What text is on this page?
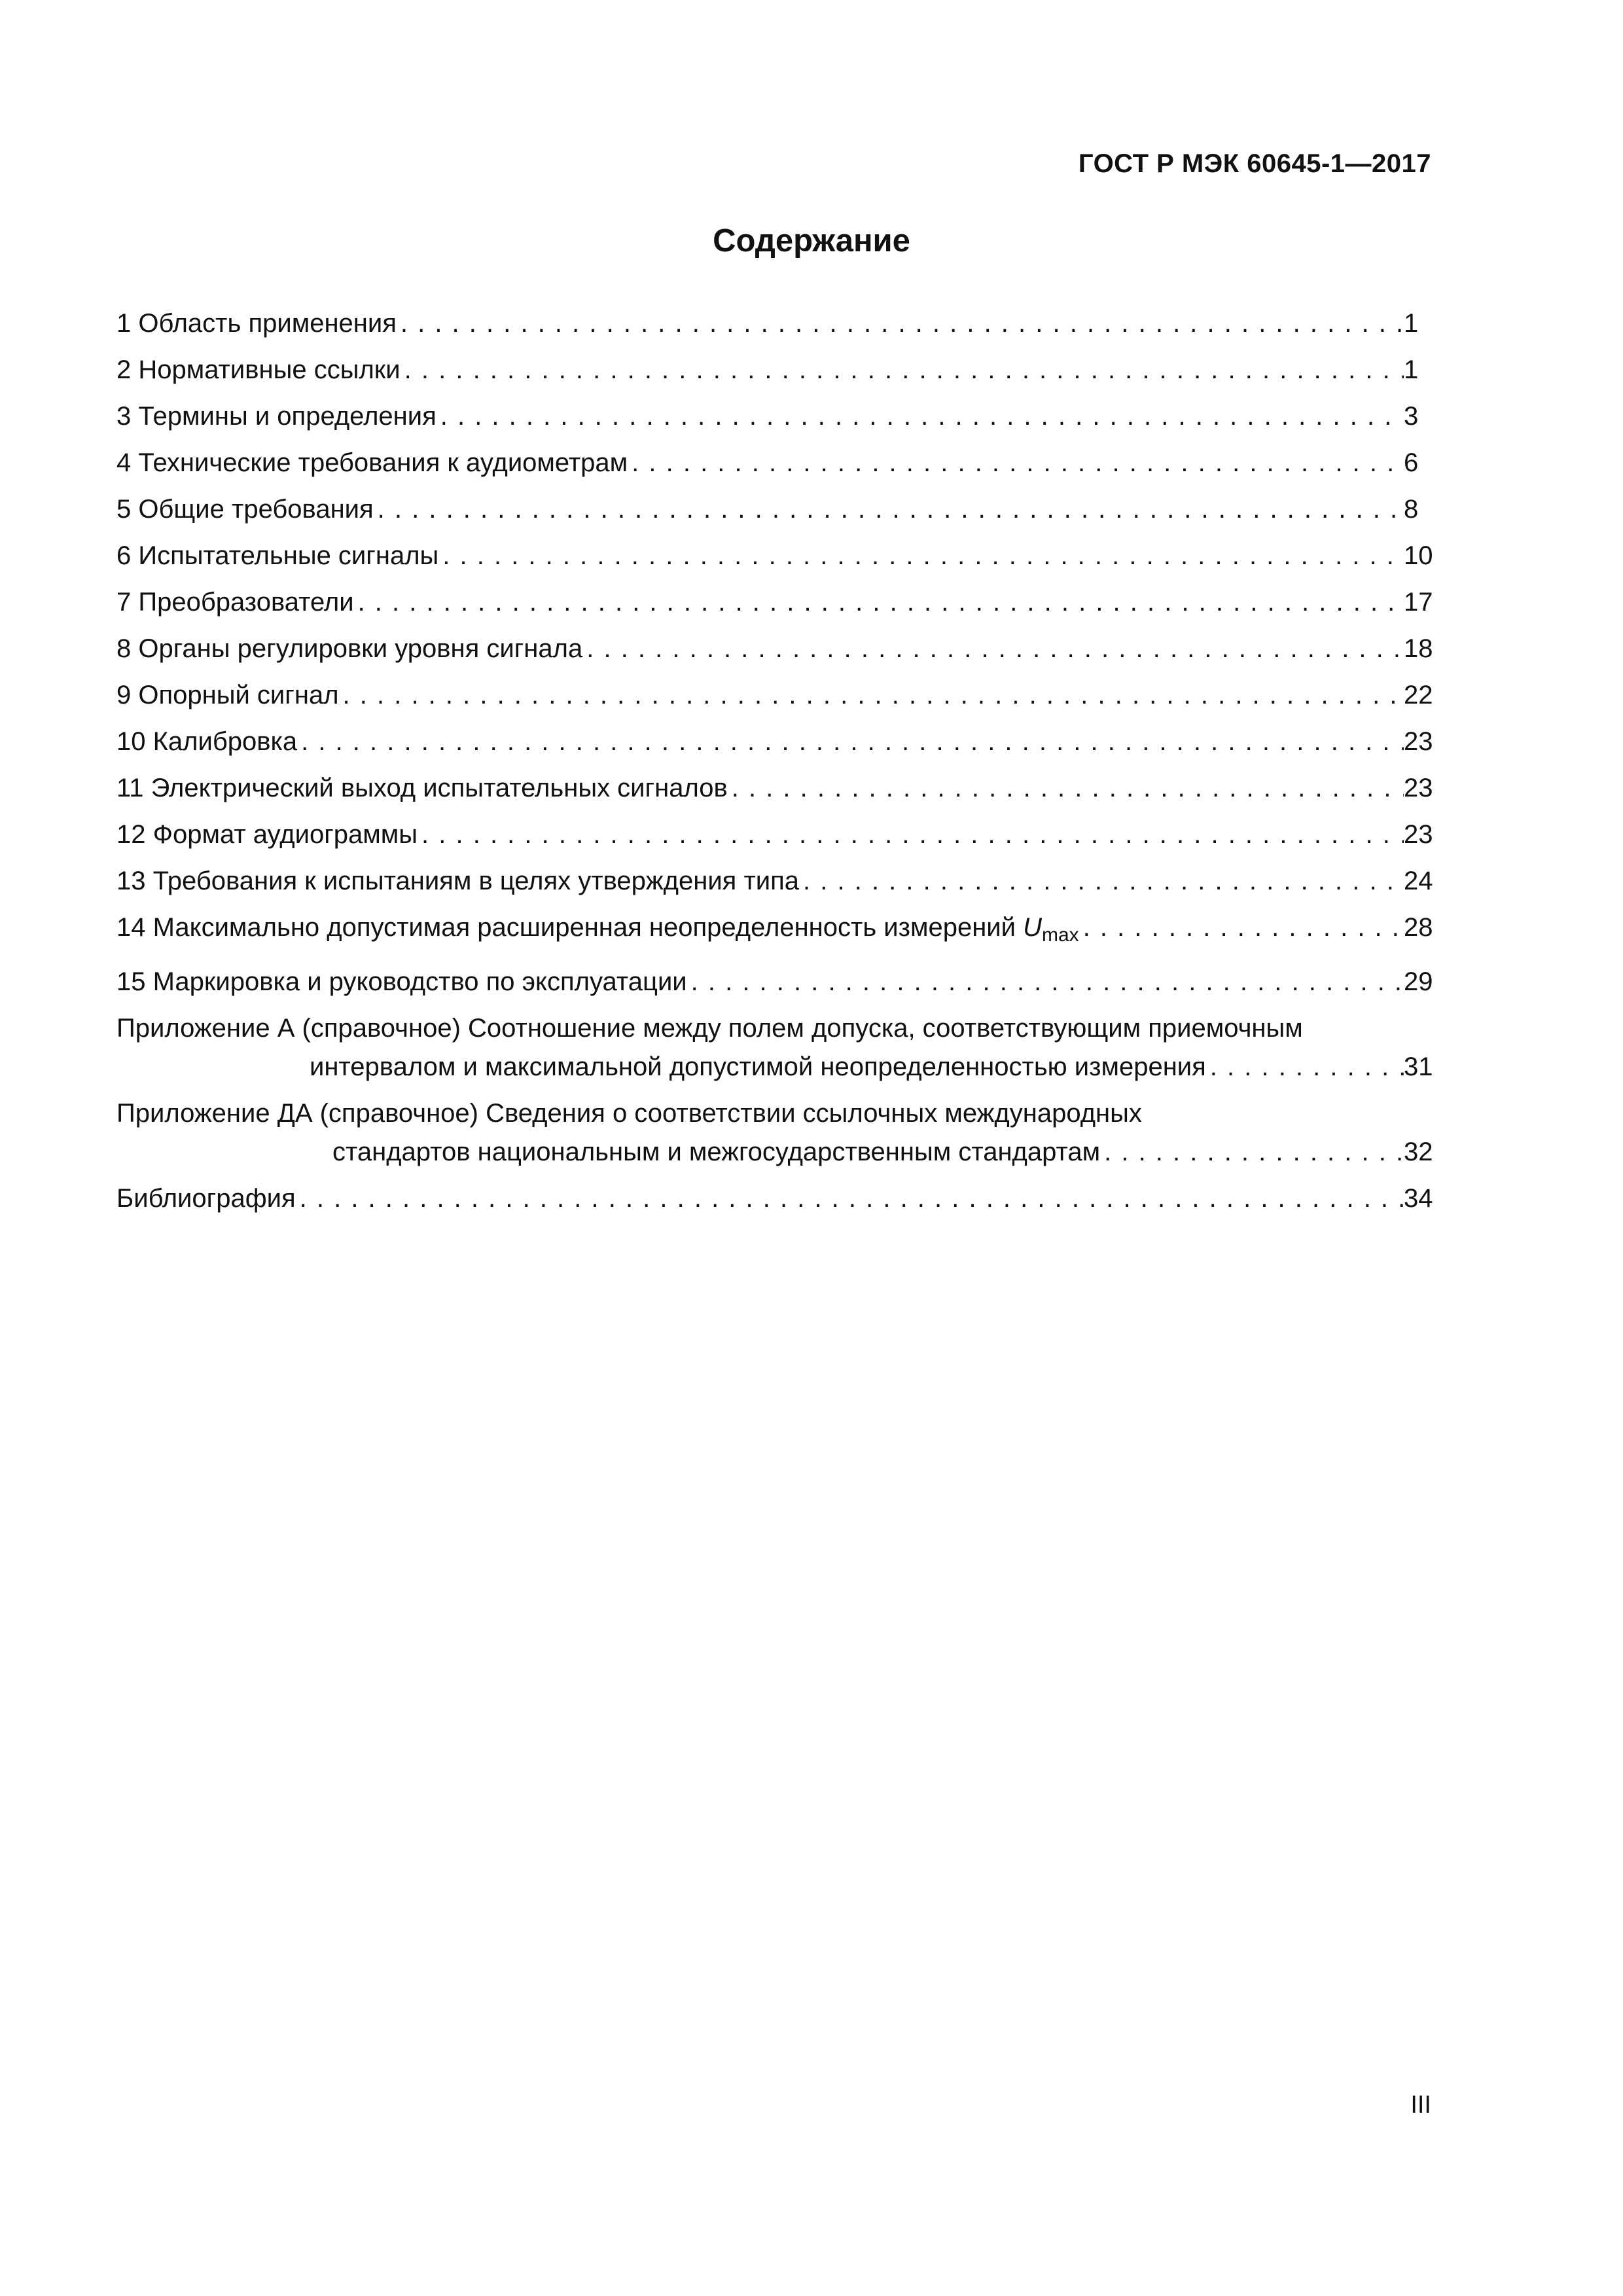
ГОСТ Р МЭК 60645-1—2017
Содержание
1 Область применения . . .	1
2 Нормативные ссылки . . .	1
3 Термины и определения . . .	3
4 Технические требования к аудиометрам . . .	6
5 Общие требования . . .	8
6 Испытательные сигналы . . .	10
7 Преобразователи . . .	17
8 Органы регулировки уровня сигнала . . .	18
9 Опорный сигнал . . .	22
10 Калибровка . . .	23
11 Электрический выход испытательных сигналов . . .	23
12 Формат аудиограммы . . .	23
13 Требования к испытаниям в целях утверждения типа . . .	24
14 Максимально допустимая расширенная неопределенность измерений $U_{max}$ . . .	28
15 Маркировка и руководство по эксплуатации . . .	29
Приложение А (справочное) Соотношение между полем допуска, соответствующим приемочным
интервалом и максимальной допустимой неопределенностью измерения . . .	31
Приложение ДА (справочное) Сведения о соответствии ссылочных международных
стандартов национальным и межгосударственным стандартам . . .	32
Библиография . . .	34
III
